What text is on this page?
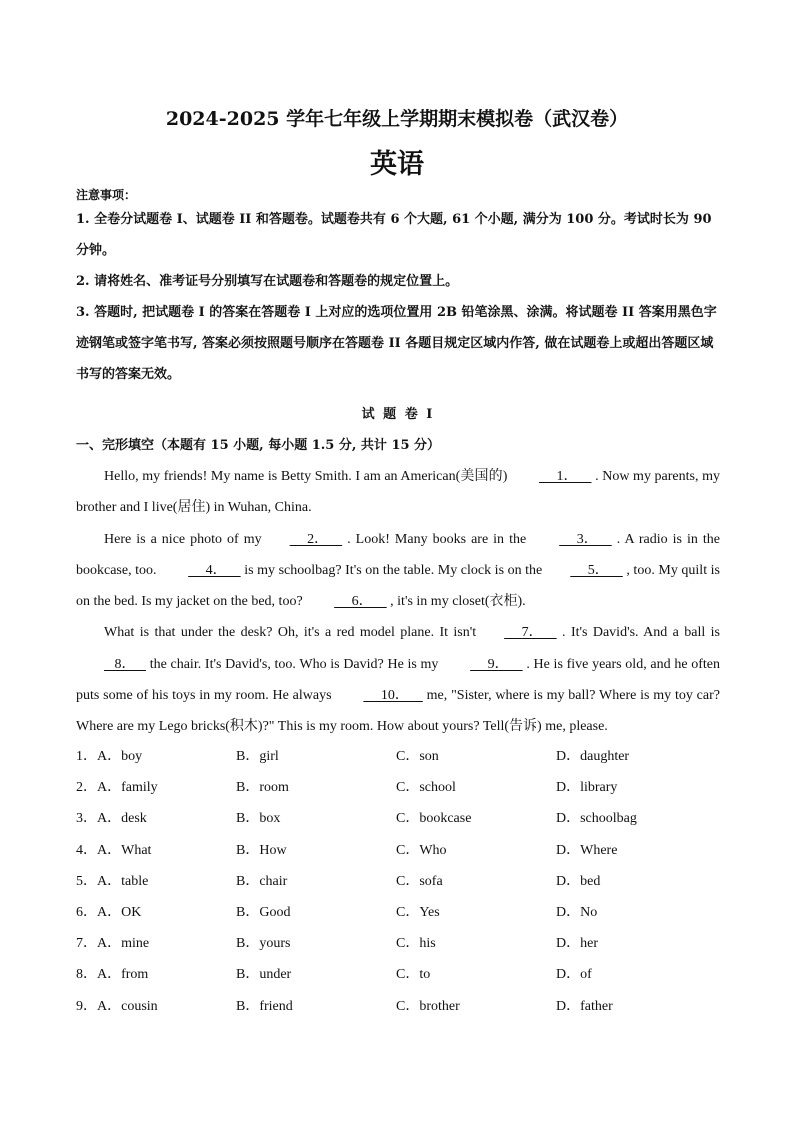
2024-2025 学年七年级上学期期末模拟卷（武汉卷）
英语
注意事项：
1. 全卷分试题卷 I、试题卷 II 和答题卷。试题卷共有 6 个大题, 61 个小题, 满分为 100 分。考试时长为 90 分钟。
2. 请将姓名、准考证号分别填写在试题卷和答题卷的规定位置上。
3. 答题时, 把试题卷 I 的答案在答题卷 I 上对应的选项位置用 2B 铅笔涂黑、涂满。将试题卷 II 答案用黑色字迹钢笔或签字笔书写, 答案必须按照题号顺序在答题卷 II 各题目规定区域内作答, 做在试题卷上或超出答题区域书写的答案无效。
试 题 卷 I
一、完形填空（本题有 15 小题, 每小题 1.5 分, 共计 15 分）

Hello, my friends! My name is Betty Smith. I am an American(美国的)      1．     . Now my parents, my brother and I live(居住) in Wuhan, China.

Here is a nice photo of my     2．     . Look! Many books are in the      3．     . A radio is in the bookcase, too.      4．     is my schoolbag? It's on the table. My clock is on the     5．     , too. My quilt is on the bed. Is my jacket on the bed, too?      6．     , it's in my closet(衣柜).

What is that under the desk? Oh, it's a red model plane. It isn't     7．     . It's David's. And a ball is    8．    the chair. It's David's, too. Who is David? He is my      9．     . He is five years old, and he often puts some of his toys in my room. He always      10．     me, "Sister, where is my ball? Where is my toy car? Where are my Lego bricks(积木)?" This is my room. How about yours? Tell(告诉) me, please.

1．A．boy	B．girl	C．son	D．daughter
2．A．family	B．room	C．school	D．library
3．A．desk	B．box	C．bookcase	D．schoolbag
4．A．What	B．How	C．Who	D．Where
5．A．table	B．chair	C．sofa	D．bed
6．A．OK	B．Good	C．Yes	D．No
7．A．mine	B．yours	C．his	D．her
8．A．from	B．under	C．to	D．of
9．A．cousin	B．friend	C．brother	D．father
